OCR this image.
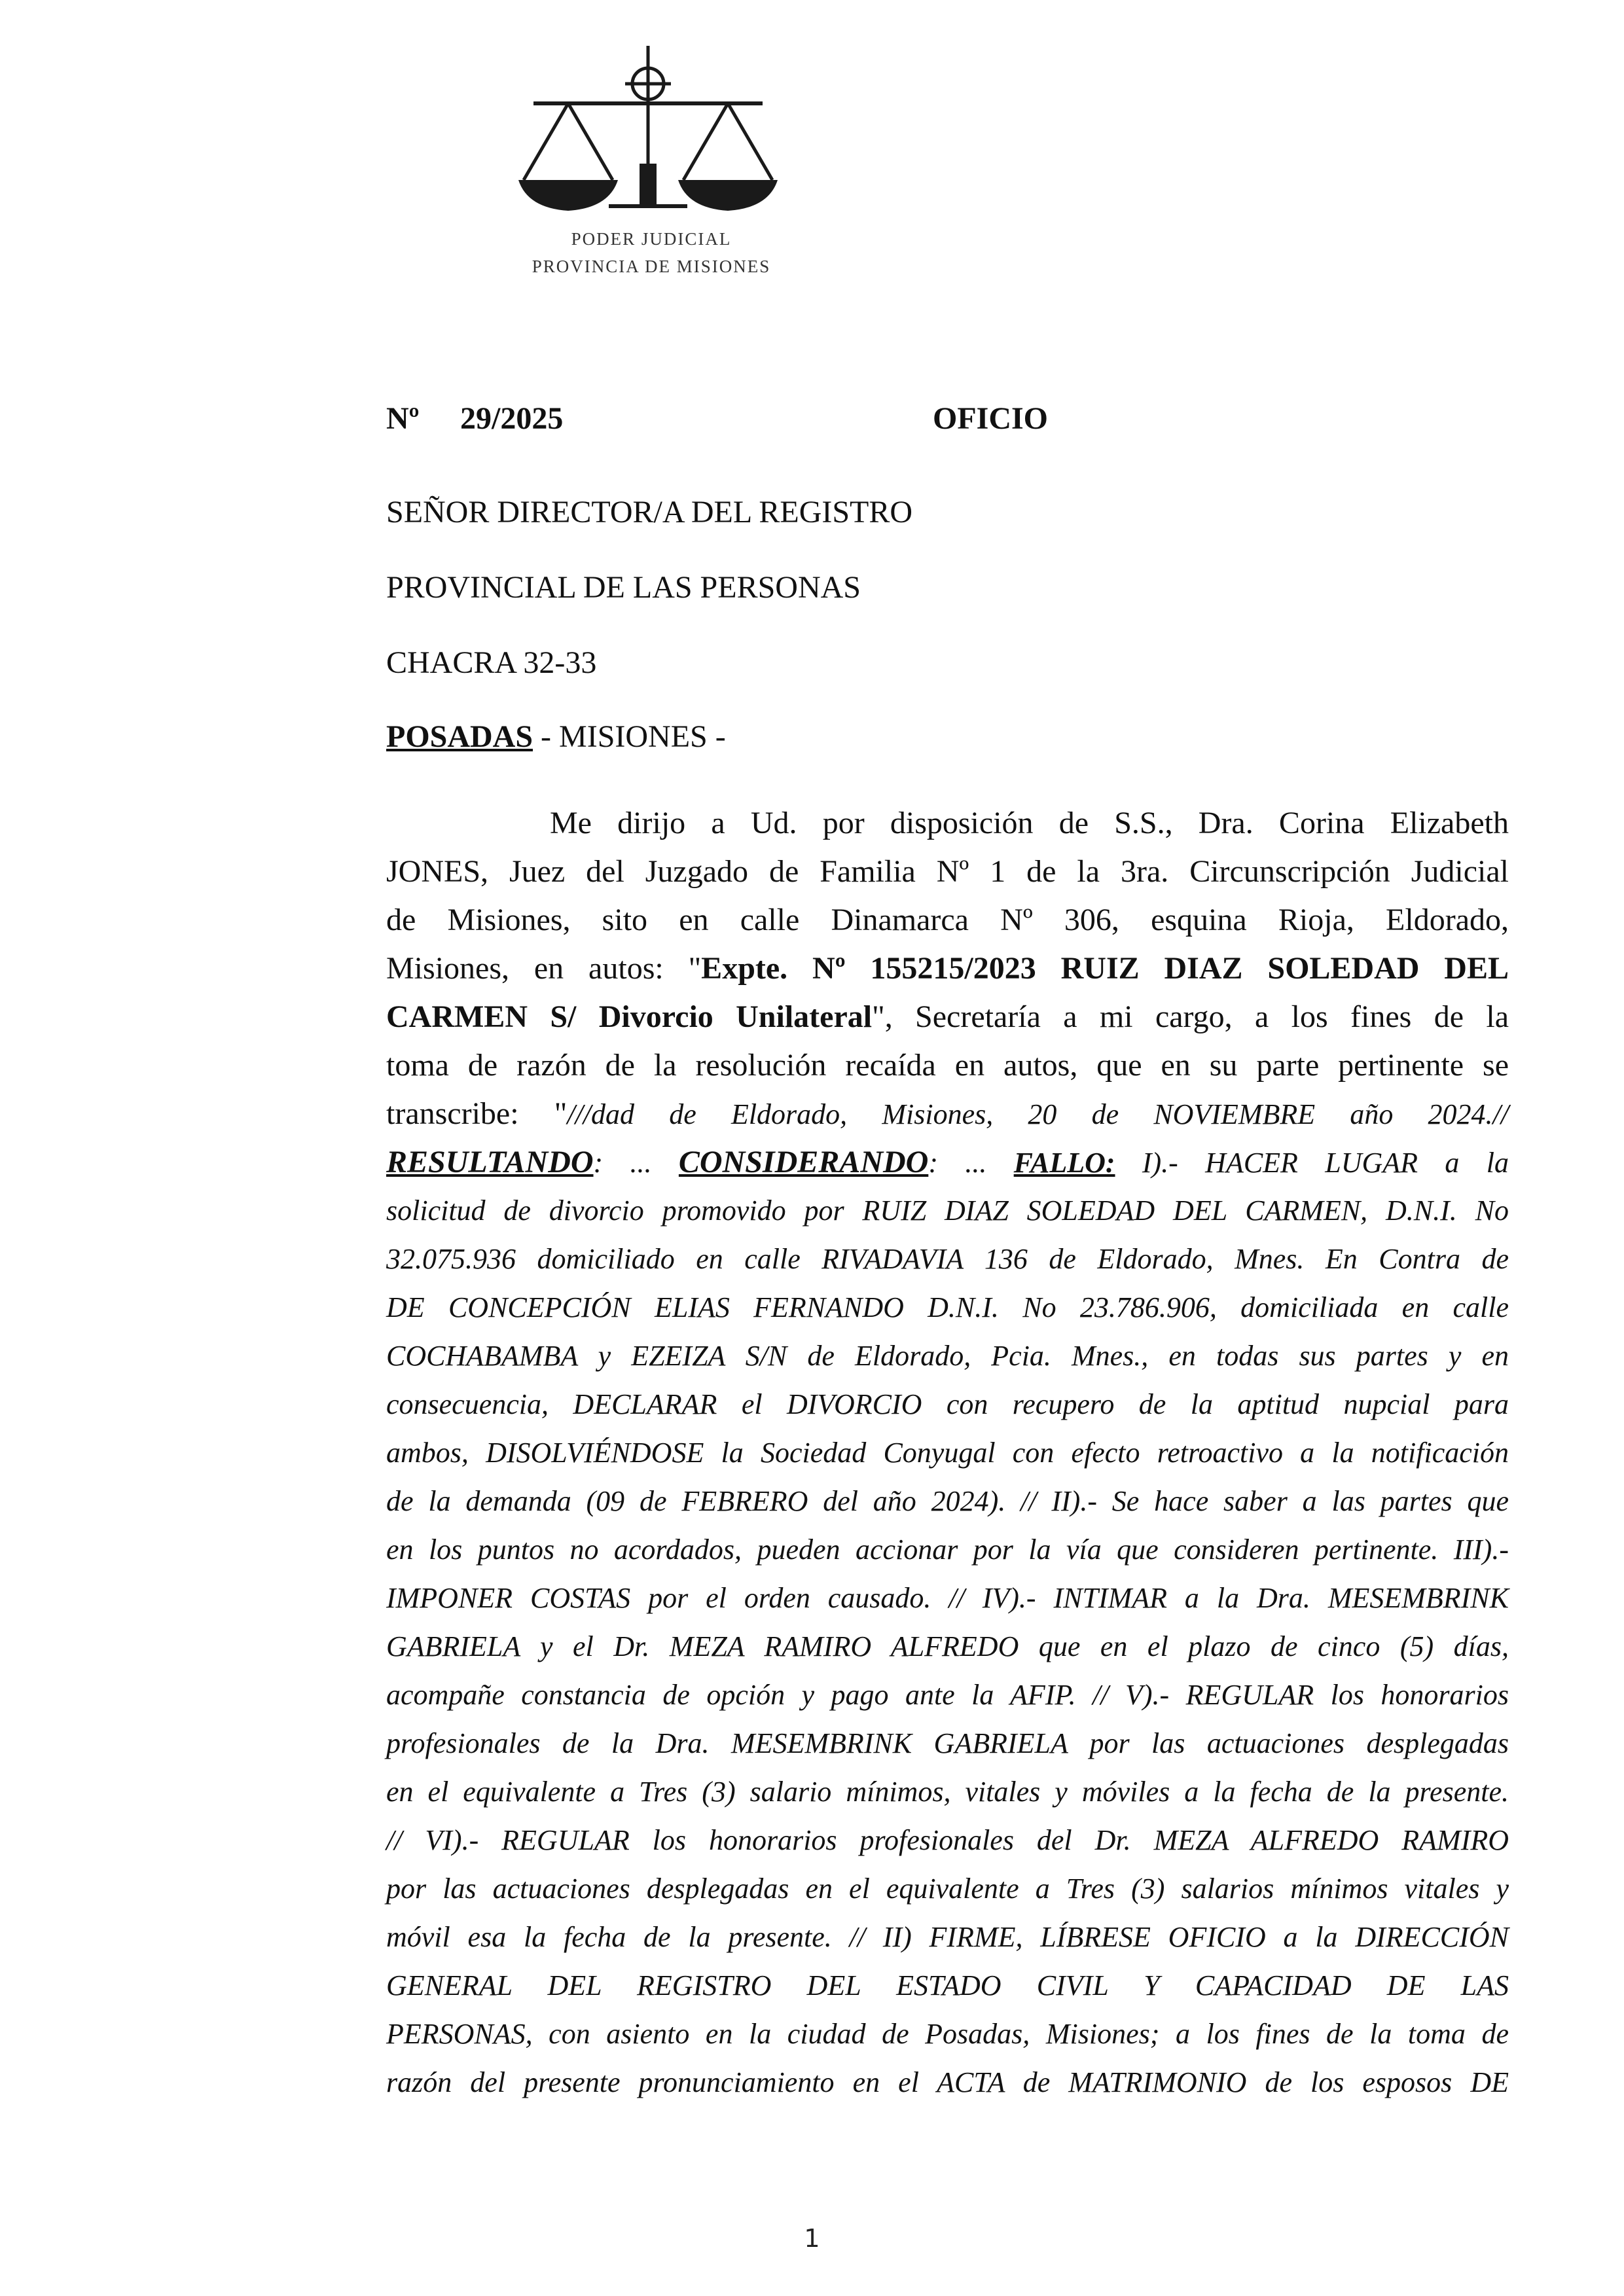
PODER JUDICIAL
PROVINCIA DE MISIONES
Nº 29/2025	OFICIO
SEÑOR DIRECTOR/A DEL REGISTRO
PROVINCIAL DE LAS PERSONAS
CHACRA 32-33
POSADAS - MISIONES -
Me dirijo a Ud. por disposición de S.S., Dra. Corina Elizabeth
JONES, Juez del Juzgado de Familia Nº 1 de la 3ra. Circunscripción Judicial
de Misiones, sito en calle Dinamarca Nº 306, esquina Rioja, Eldorado,
Misiones, en autos: "Expte. Nº 155215/2023 RUIZ DIAZ SOLEDAD DEL
CARMEN S/ Divorcio Unilateral", Secretaría a mi cargo, a los fines de la
toma de razón de la resolución recaída en autos, que en su parte pertinente se
transcribe: "///dad de Eldorado, Misiones, 20 de NOVIEMBRE año 2024.//
RESULTANDO: ... CONSIDERANDO: ... FALLO: I).- HACER LUGAR a la
solicitud de divorcio promovido por RUIZ DIAZ SOLEDAD DEL CARMEN, D.N.I. No
32.075.936 domiciliado en calle RIVADAVIA 136 de Eldorado, Mnes. En Contra de
DE CONCEPCIÓN ELIAS FERNANDO D.N.I. No 23.786.906, domiciliada en calle
COCHABAMBA y EZEIZA S/N de Eldorado, Pcia. Mnes., en todas sus partes y en
consecuencia, DECLARAR el DIVORCIO con recupero de la aptitud nupcial para
ambos, DISOLVIÉNDOSE la Sociedad Conyugal con efecto retroactivo a la notificación
de la demanda (09 de FEBRERO del año 2024). // II).- Se hace saber a las partes que
en los puntos no acordados, pueden accionar por la vía que consideren pertinente. III).-
IMPONER COSTAS por el orden causado. // IV).- INTIMAR a la Dra. MESEMBRINK
GABRIELA y el Dr. MEZA RAMIRO ALFREDO que en el plazo de cinco (5) días,
acompañe constancia de opción y pago ante la AFIP. // V).- REGULAR los honorarios
profesionales de la Dra. MESEMBRINK GABRIELA por las actuaciones desplegadas
en el equivalente a Tres (3) salario mínimos, vitales y móviles a la fecha de la presente.
// VI).- REGULAR los honorarios profesionales del Dr. MEZA ALFREDO RAMIRO
por las actuaciones desplegadas en el equivalente a Tres (3) salarios mínimos vitales y
móvil esa la fecha de la presente. // II) FIRME, LÍBRESE OFICIO a la DIRECCIÓN
GENERAL DEL REGISTRO DEL ESTADO CIVIL Y CAPACIDAD DE LAS
PERSONAS, con asiento en la ciudad de Posadas, Misiones; a los fines de la toma de
razón del presente pronunciamiento en el ACTA de MATRIMONIO de los esposos DE
1
